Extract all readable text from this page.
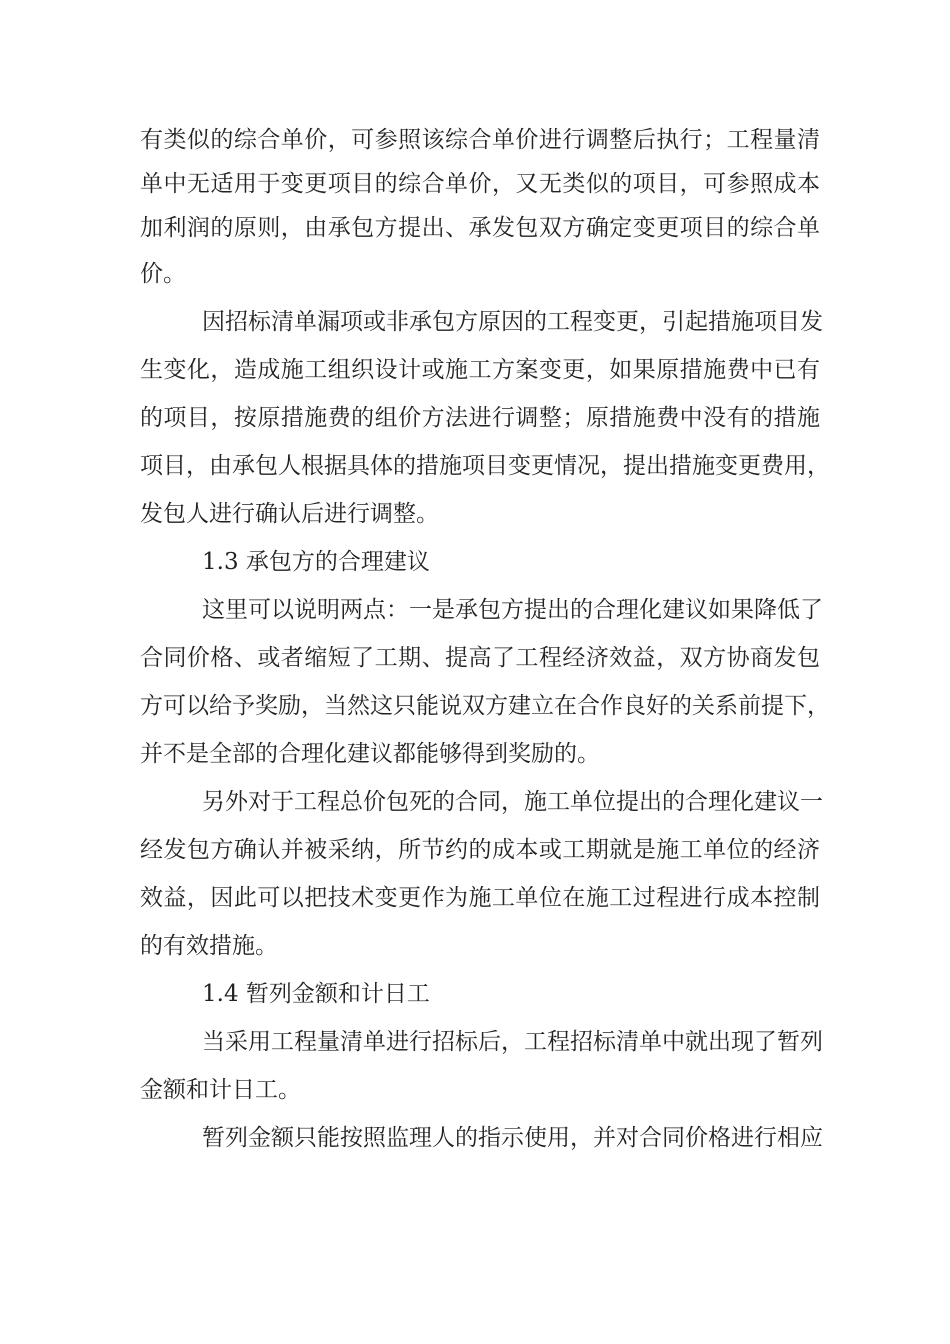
有类似的综合单价，可参照该综合单价进行调整后执行；工程量清

单中无适用于变更项目的综合单价，又无类似的项目，可参照成本

加利润的原则，由承包方提出、承发包双方确定变更项目的综合单

价。

因招标清单漏项或非承包方原因的工程变更，引起措施项目发

生变化，造成施工组织设计或施工方案变更，如果原措施费中已有

的项目，按原措施费的组价方法进行调整；原措施费中没有的措施

项目，由承包人根据具体的措施项目变更情况，提出措施变更费用，

发包人进行确认后进行调整。

1.3 承包方的合理建议

这里可以说明两点：一是承包方提出的合理化建议如果降低了

合同价格、或者缩短了工期、提高了工程经济效益，双方协商发包

方可以给予奖励，当然这只能说双方建立在合作良好的关系前提下，

并不是全部的合理化建议都能够得到奖励的。

另外对于工程总价包死的合同，施工单位提出的合理化建议一

经发包方确认并被采纳，所节约的成本或工期就是施工单位的经济

效益，因此可以把技术变更作为施工单位在施工过程进行成本控制

的有效措施。

1.4 暂列金额和计日工

当采用工程量清单进行招标后，工程招标清单中就出现了暂列

金额和计日工。

暂列金额只能按照监理人的指示使用，并对合同价格进行相应
